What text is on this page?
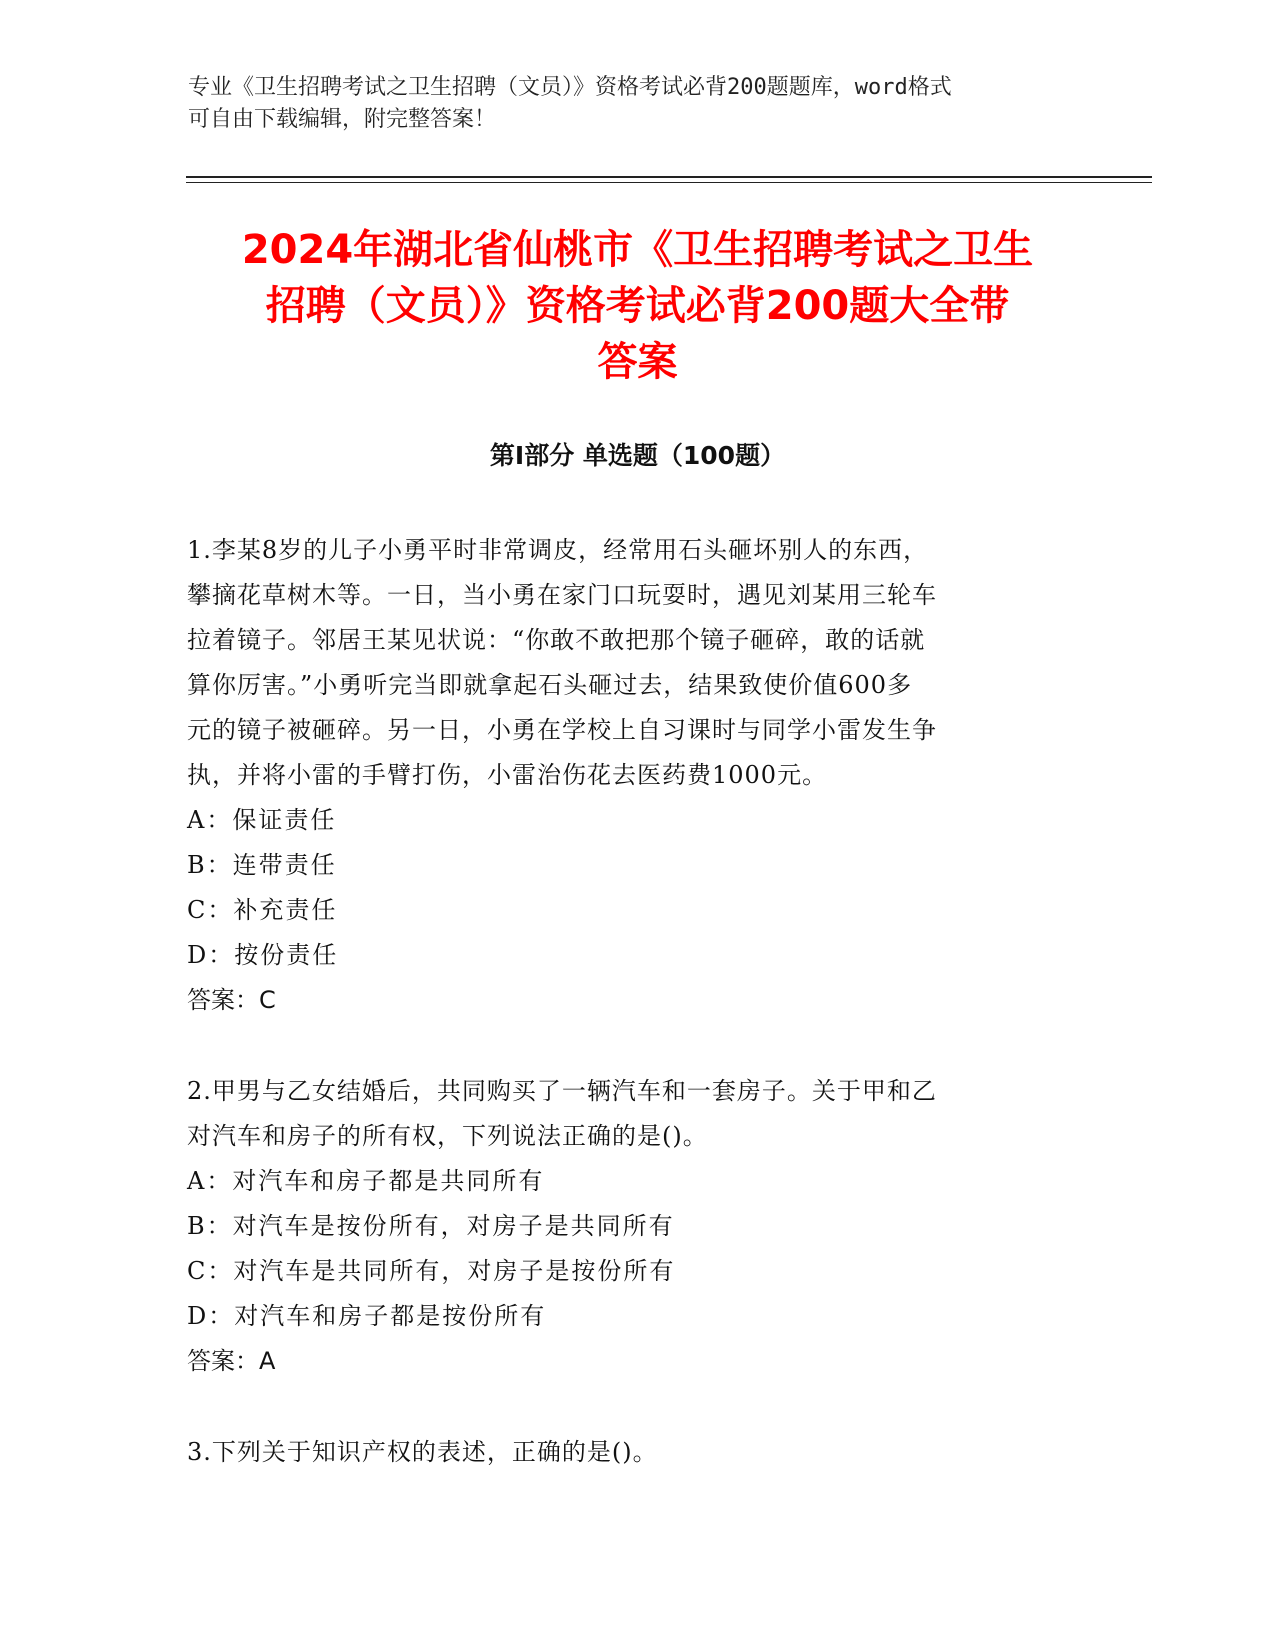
专业《卫生招聘考试之卫生招聘（文员）》资格考试必背200题题库，word格式
可自由下载编辑，附完整答案！
2024年湖北省仙桃市《卫生招聘考试之卫生
招聘（文员）》资格考试必背200题大全带
答案
第Ⅰ部分 单选题（100题）
1.李某8岁的儿子小勇平时非常调皮，经常用石头砸坏别人的东西，
攀摘花草树木等。一日，当小勇在家门口玩耍时，遇见刘某用三轮车
拉着镜子。邻居王某见状说：“你敢不敢把那个镜子砸碎，敢的话就
算你厉害。”小勇听完当即就拿起石头砸过去，结果致使价值600多
元的镜子被砸碎。另一日，小勇在学校上自习课时与同学小雷发生争
执，并将小雷的手臂打伤，小雷治伤花去医药费1000元。
A：保证责任
B：连带责任
C：补充责任
D：按份责任
答案：C
2.甲男与乙女结婚后，共同购买了一辆汽车和一套房子。关于甲和乙
对汽车和房子的所有权，下列说法正确的是()。
A：对汽车和房子都是共同所有
B：对汽车是按份所有，对房子是共同所有
C：对汽车是共同所有，对房子是按份所有
D：对汽车和房子都是按份所有
答案：A
3.下列关于知识产权的表述，正确的是()。
